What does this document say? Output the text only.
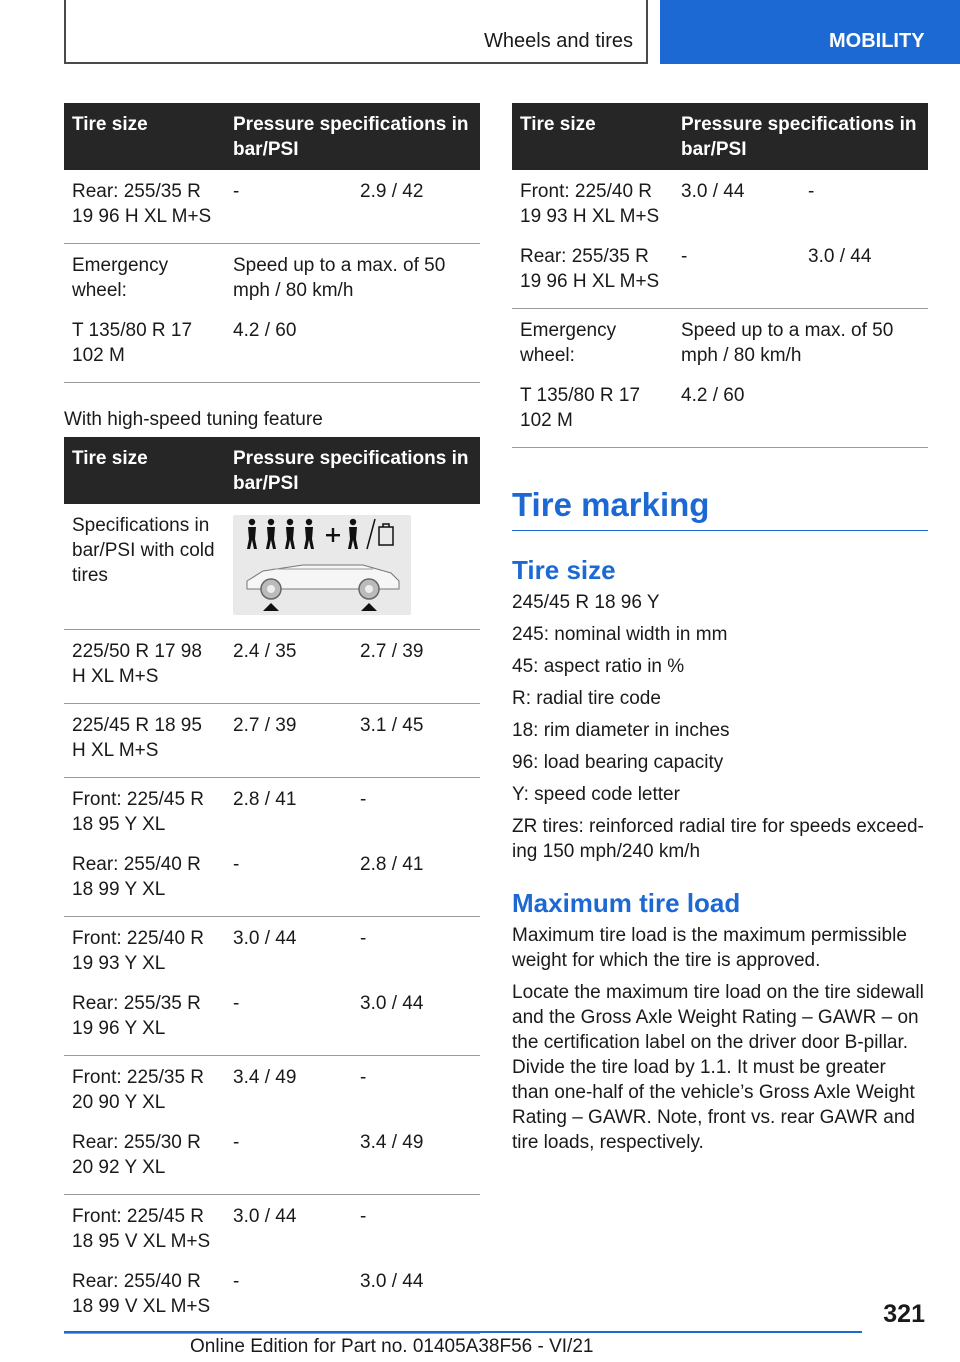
Wheels and tires	MOBILITY
Tire size	Pressure specifications in bar/PSI	
Rear: 255/35 R 19 96 H XL M+S	-	2.9 / 42
Emergency wheel:	Speed up to a max. of 50 mph / 80 km/h	
T 135/80 R 17 102 M	4.2 / 60	
With high-speed tuning feature
Tire size	Pressure specifications in bar/PSI	
Specifications in bar/PSI with cold tires	

225/50 R 17 98 H XL M+S	2.4 / 35	2.7 / 39
225/45 R 18 95 H XL M+S	2.7 / 39	3.1 / 45
Front: 225/45 R 18 95 Y XL	2.8 / 41	-
Rear: 255/40 R 18 99 Y XL	-	2.8 / 41
Front: 225/40 R 19 93 Y XL	3.0 / 44	-
Rear: 255/35 R 19 96 Y XL	-	3.0 / 44
Front: 225/35 R 20 90 Y XL	3.4 / 49	-
Rear: 255/30 R 20 92 Y XL	-	3.4 / 49
Front: 225/45 R 18 95 V XL M+S	3.0 / 44	-
Rear: 255/40 R 18 99 V XL M+S	-	3.0 / 44
Tire size	Pressure specifications in bar/PSI	
Front: 225/40 R 19 93 H XL M+S	3.0 / 44	-
Rear: 255/35 R 19 96 H XL M+S	-	3.0 / 44
Emergency wheel:	Speed up to a max. of 50 mph / 80 km/h	
T 135/80 R 17 102 M	4.2 / 60	
Tire marking
Tire size

245/45 R 18 96 Y

245: nominal width in mm

45: aspect ratio in %

R: radial tire code

18: rim diameter in inches

96: load bearing capacity

Y: speed code letter

ZR tires: reinforced radial tire for speeds exceeding 150 mph/240 km/h

Maximum tire load

Maximum tire load is the maximum permissible weight for which the tire is approved.

Locate the maximum tire load on the tire sidewall and the Gross Axle Weight Rating – GAWR – on the certification label on the driver door B-pillar. Divide the tire load by 1.1. It must be greater than one-half of the vehicle’s Gross Axle Weight Rating – GAWR. Note, front vs. rear GAWR and tire loads, respectively.

321
Online Edition for Part no. 01405A38F56 - VI/21
